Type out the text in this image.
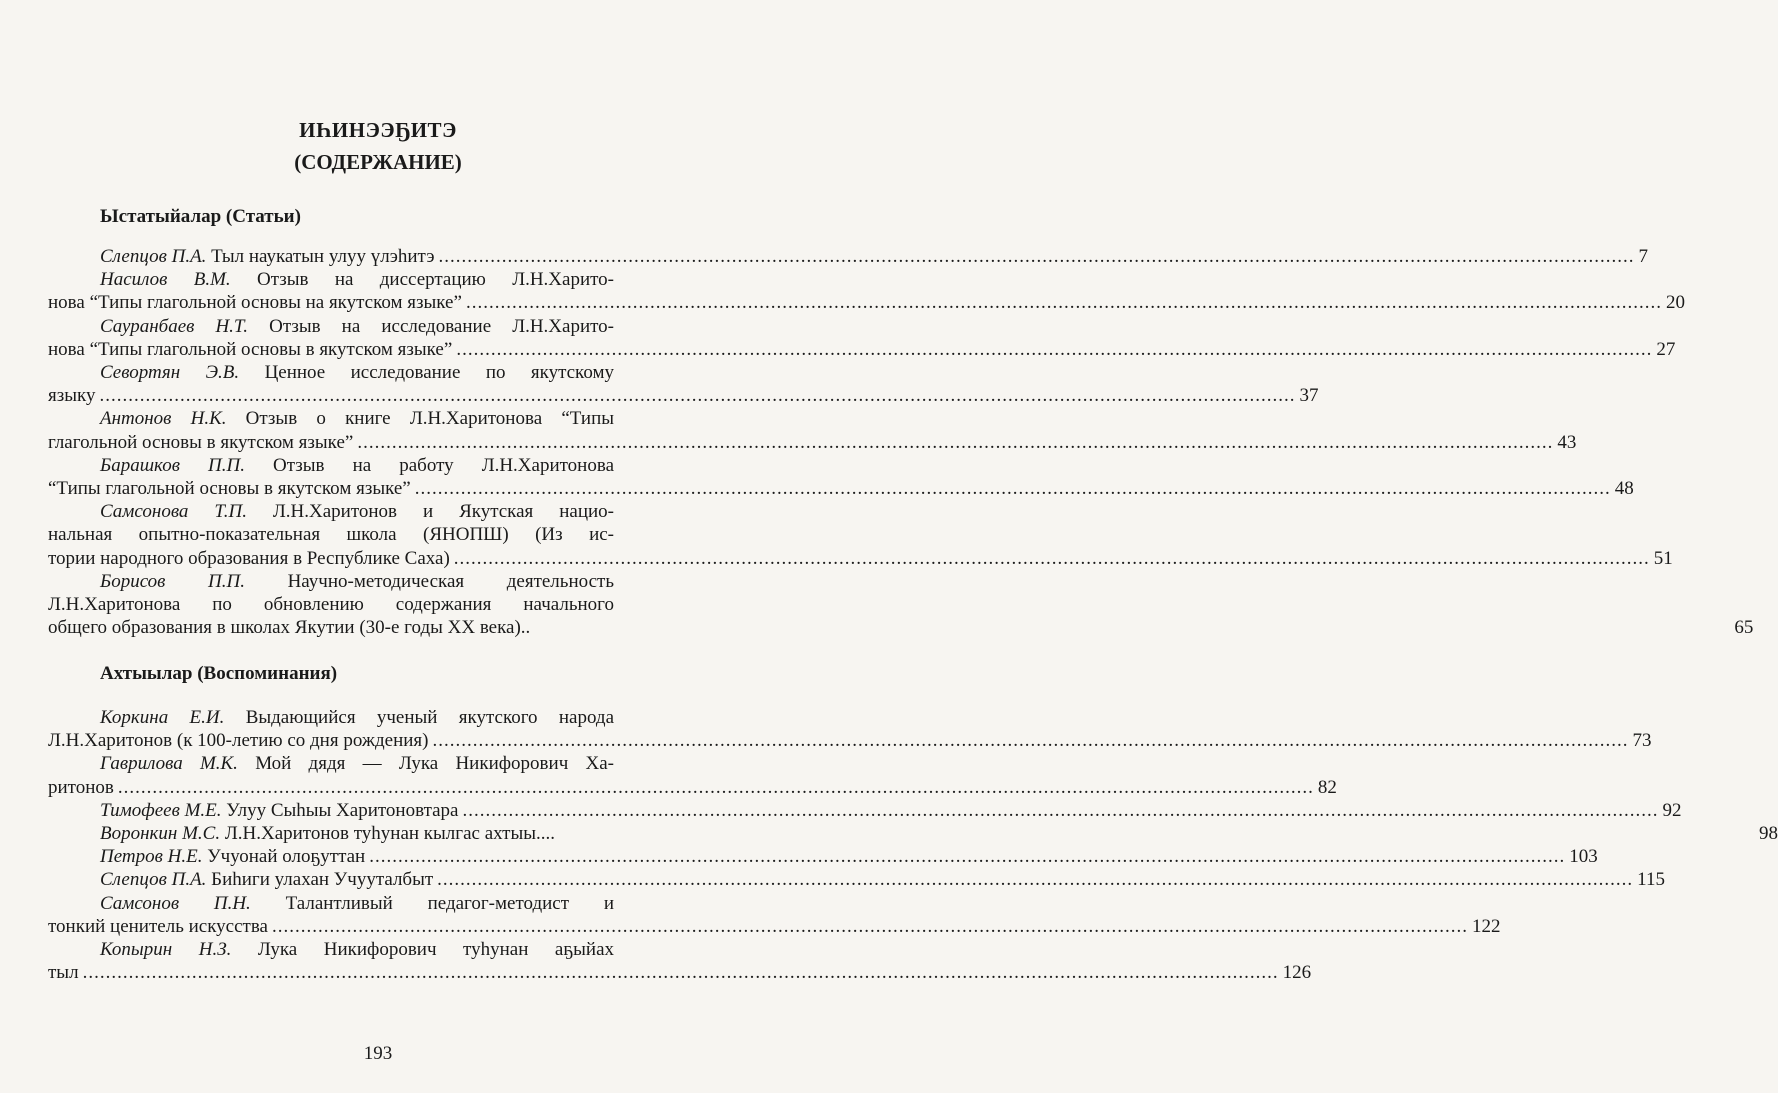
ИҺИНЭЭҔИТЭ
(СОДЕРЖАНИЕ)
Ыстатыйалар (Статьи)
Слепцов П.А. Тыл наукатын улуу үлэһитэ .....	7
Насилов В.М. Отзыв на диссертацию Л.Н.Харито-
нова “Типы глагольной основы на якутском языке” .....	20
Сауранбаев Н.Т. Отзыв на исследование Л.Н.Харито-
нова “Типы глагольной основы в якутском языке” .....	27
Севортян Э.В. Ценное исследование по якутскому
языку .....	37
Антонов Н.К. Отзыв о книге Л.Н.Харитонова “Типы
глагольной основы в якутском языке” .....	43
Барашков П.П. Отзыв на работу Л.Н.Харитонова
“Типы глагольной основы в якутском языке” .....	48
Самсонова Т.П. Л.Н.Харитонов и Якутская нацио-
нальная опытно-показательная школа (ЯНОПШ) (Из ис-
тории народного образования в Республике Саха) .....	51
Борисов П.П. Научно-методическая деятельность
Л.Н.Харитонова по обновлению содержания начального
общего образования в школах Якутии (30-е годы XX века)..	65
Ахтыылар (Воспоминания)
Коркина Е.И. Выдающийся ученый якутского народа
Л.Н.Харитонов (к 100-летию со дня рождения) .....	73
Гаврилова М.К. Мой дядя — Лука Никифорович Ха-
ритонов .....	82
Тимофеев М.Е. Улуу Сыһыы Харитоновтара .....	92
Воронкин М.С. Л.Н.Харитонов туһунан кылгас ахтыы....	98
Петров Н.Е. Учуонай олоҕуттан .....	103
Слепцов П.А. Биһиги улахан Учууталбыт .....	115
Самсонов П.Н. Талантливый педагог-методист и
тонкий ценитель искусства .....	122
Копырин Н.З. Лука Никифорович туһунан аҕыйах
тыл .....	126
193
